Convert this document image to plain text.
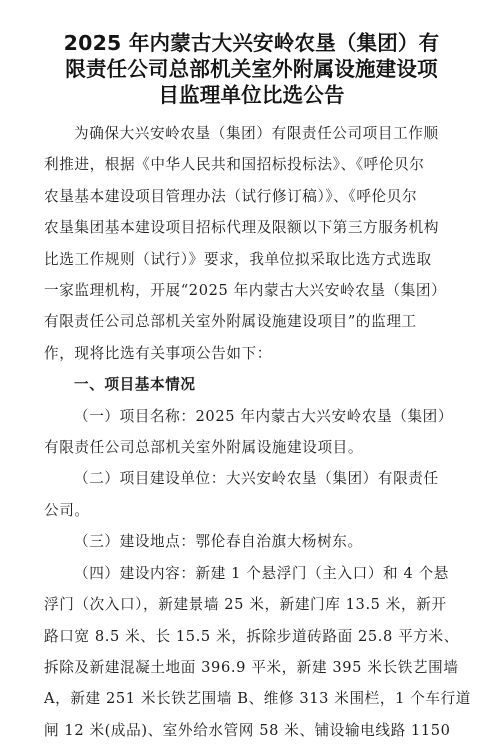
2025 年内蒙古大兴安岭农垦（集团）有
限责任公司总部机关室外附属设施建设项
目监理单位比选公告
为确保大兴安岭农垦（集团）有限责任公司项目工作顺
利推进，根据《中华人民共和国招标投标法》、《呼伦贝尔
农垦基本建设项目管理办法（试行修订稿）》、《呼伦贝尔
农垦集团基本建设项目招标代理及限额以下第三方服务机构
比选工作规则（试行）》要求，我单位拟采取比选方式选取
一家监理机构，开展“2025 年内蒙古大兴安岭农垦（集团）
有限责任公司总部机关室外附属设施建设项目”的监理工
作，现将比选有关事项公告如下：
一、项目基本情况
（一）项目名称：2025 年内蒙古大兴安岭农垦（集团）
有限责任公司总部机关室外附属设施建设项目。
（二）项目建设单位：大兴安岭农垦（集团）有限责任
公司。
（三）建设地点：鄂伦春自治旗大杨树东。
（四）建设内容：新建 1 个悬浮门（主入口）和 4 个悬
浮门（次入口），新建景墙 25 米，新建门库 13.5 米，新开
路口宽 8.5 米、长 15.5 米，拆除步道砖路面 25.8 平方米、
拆除及新建混凝土地面 396.9 平米，新建 395 米长铁艺围墙
A，新建 251 米长铁艺围墙 B、维修 313 米围栏，1 个车行道
闸 12 米(成品)、室外给水管网 58 米、铺设输电线路 1150
